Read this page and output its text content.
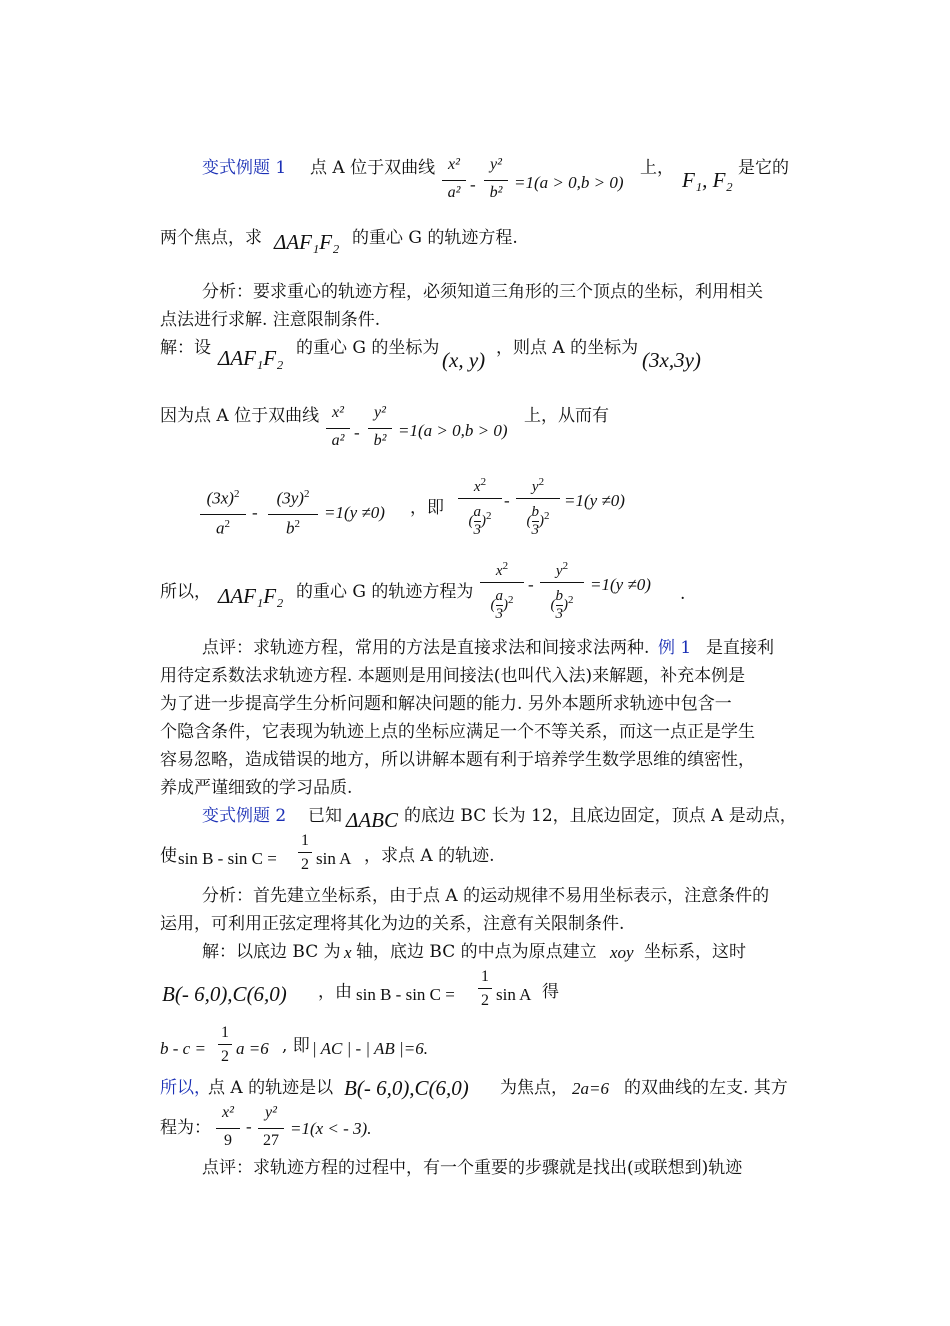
变式例题 1 点 A 位于双曲线 x²
a² -
y²
b²
=1(a > 0,b > 0)
上， F₁, F₂ 是它的
两个焦点，求 ΔAF₁F₂ 的重心 G 的轨迹方程.
分析：要求重心的轨迹方程，必须知道三角形的三个顶点的坐标，利用相关
点法进行求解. 注意限制条件.
解：设 ΔAF₁F₂ 的重心 G 的坐标为 (x, y) ，则点 A 的坐标为 (3x,3y)
因为点 A 位于双曲线 x²
a² -
y²
b²
=1(a > 0,b > 0)
上，从而有
$(3x)^2$
$a^2$
-
$(3y)^2$
$b^2$
=1(y ≠0) ，即
$x^2$
( $\frac{a}{3} )^2$
-
$y^2$
( $\frac{b}{3} )^2$
=1(y ≠0)
所以， ΔAF₁F₂ 的重心 G 的轨迹方程为
$x^2$
( $\frac{a}{3} )^2$
-
$y^2$
( $\frac{b}{3} )^2$
=1(y ≠0) .
点评：求轨迹方程，常用的方法是直接求法和间接求法两种. 例 1 是直接利
用待定系数法求轨迹方程. 本题则是用间接法(也叫代入法)来解题，补充本例是
为了进一步提高学生分析问题和解决问题的能力. 另外本题所求轨迹中包含一
个隐含条件，它表现为轨迹上点的坐标应满足一个不等关系，而这一点正是学生
容易忽略，造成错误的地方，所以讲解本题有利于培养学生数学思维的缜密性，
养成严谨细致的学习品质.
变式例题 2 已知 ΔABC 的底边 BC 长为 12，且底边固定，顶点 A 是动点，
使 sin B - sin C =
1
2 sin A ，求点 A 的轨迹.
分析：首先建立坐标系，由于点 A 的运动规律不易用坐标表示，注意条件的
运用，可利用正弦定理将其化为边的关系，注意有关限制条件.
解：以底边 BC 为 x 轴，底边 BC 的中点为原点建立 xoy 坐标系，这时
B(- 6,0),C(6,0) ，由 sin B - sin C =
1
2 sin A 得
b - c =
1
2 a =6 , 即 | AC | - | AB |=6.
所以，
点 A 的轨迹是以 B(- 6,0),C(6,0) 为焦点， 2a=6 的双曲线的左支. 其方
程为：
x²
9
-
y²
27
=1(x < - 3).
点评：求轨迹方程的过程中，有一个重要的步骤就是找出(或联想到)轨迹
